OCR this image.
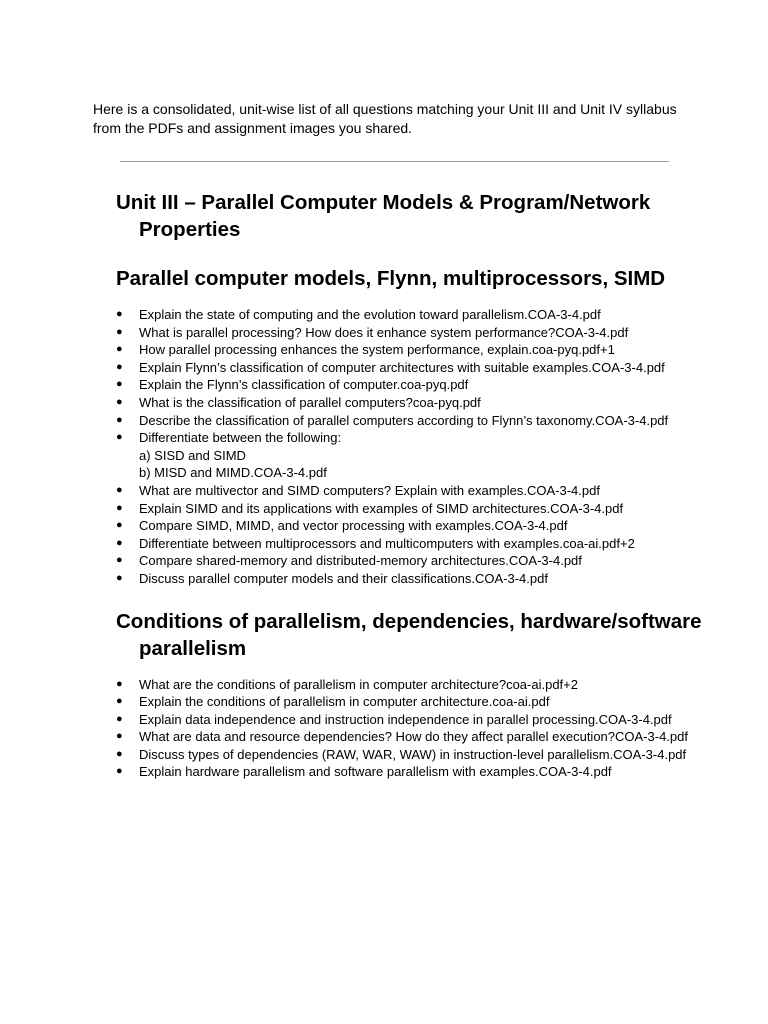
Here is a consolidated, unit-wise list of all questions matching your Unit III and Unit IV syllabus from the PDFs and assignment images you shared.

Unit III – Parallel Computer Models & Program/Network Properties
Parallel computer models, Flynn, multiprocessors, SIMD
● Explain the state of computing and the evolution toward parallelism.COA-3-4.pdf
● What is parallel processing? How does it enhance system performance?COA-3-4.pdf
● How parallel processing enhances the system performance, explain.coa-pyq.pdf+1
● Explain Flynn’s classification of computer architectures with suitable examples.COA-3-4.pdf
● Explain the Flynn’s classification of computer.coa-pyq.pdf
● What is the classification of parallel computers?coa-pyq.pdf
● Describe the classification of parallel computers according to Flynn’s taxonomy.COA-3-4.pdf
● Differentiate between the following:
a) SISD and SIMD
b) MISD and MIMD.COA-3-4.pdf
● What are multivector and SIMD computers? Explain with examples.COA-3-4.pdf
● Explain SIMD and its applications with examples of SIMD architectures.COA-3-4.pdf
● Compare SIMD, MIMD, and vector processing with examples.COA-3-4.pdf
● Differentiate between multiprocessors and multicomputers with examples.coa-ai.pdf+2
● Compare shared-memory and distributed-memory architectures.COA-3-4.pdf
● Discuss parallel computer models and their classifications.COA-3-4.pdf
Conditions of parallelism, dependencies, hardware/software parallelism
● What are the conditions of parallelism in computer architecture?coa-ai.pdf+2
● Explain the conditions of parallelism in computer architecture.coa-ai.pdf
● Explain data independence and instruction independence in parallel processing.COA-3-4.pdf
● What are data and resource dependencies? How do they affect parallel execution?COA-3-4.pdf
● Discuss types of dependencies (RAW, WAR, WAW) in instruction-level parallelism.COA-3-4.pdf
● Explain hardware parallelism and software parallelism with examples.COA-3-4.pdf
